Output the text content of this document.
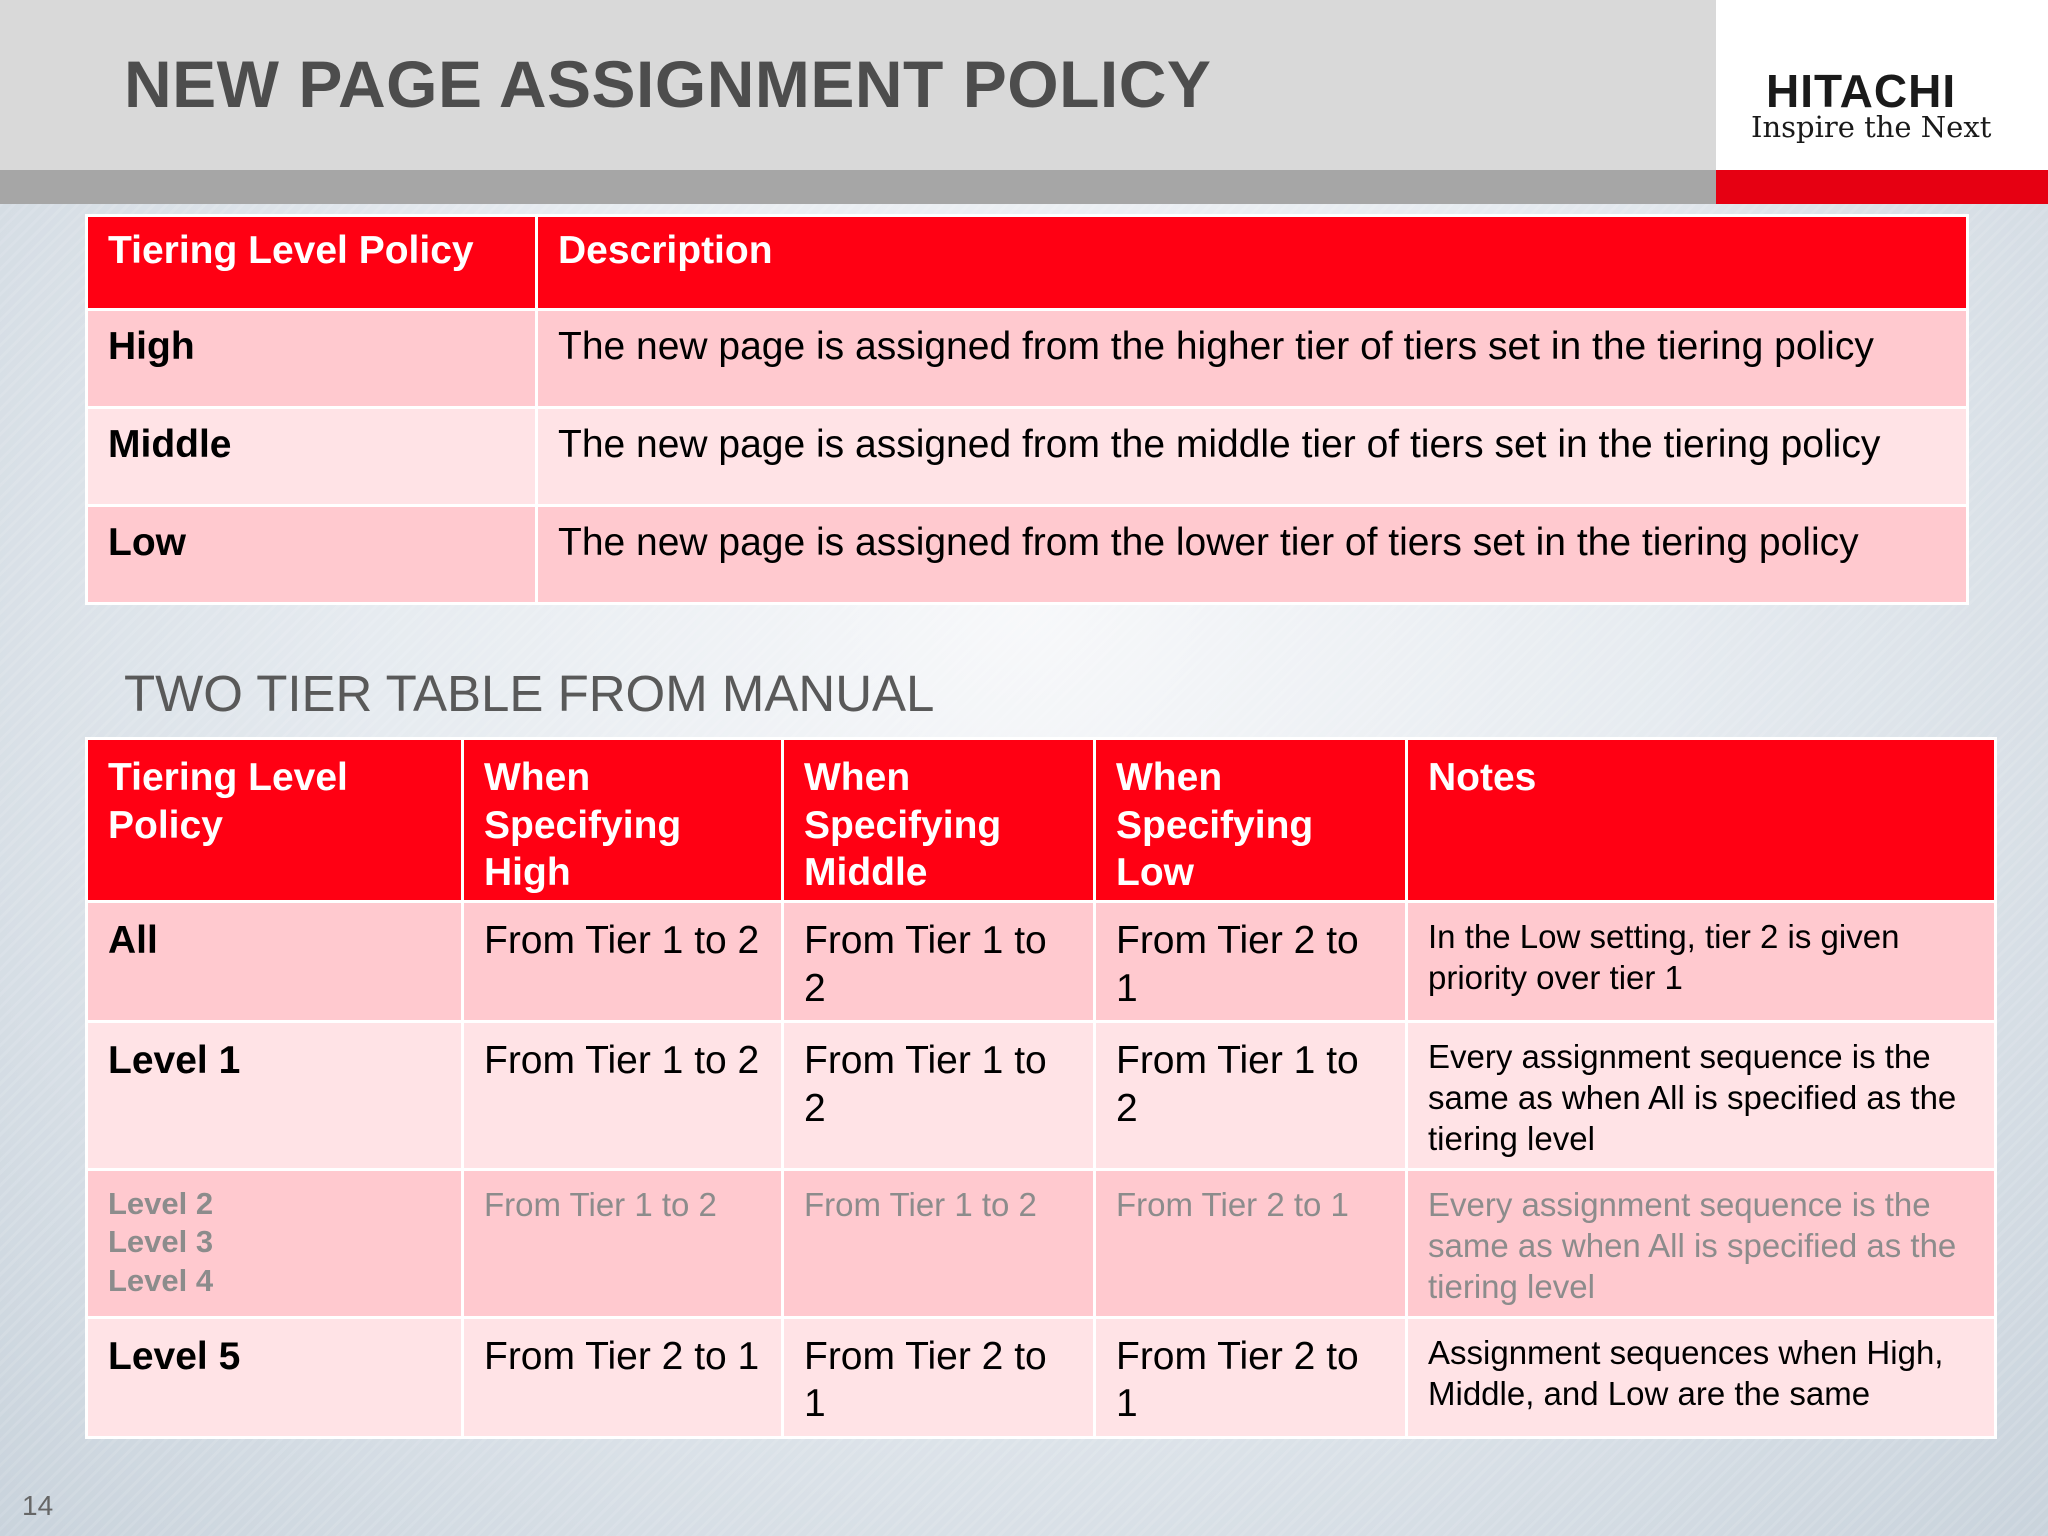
NEW PAGE ASSIGNMENT POLICY	HITACHI
Inspire the Next
Tiering Level Policy	Description
High	The new page is assigned from the higher tier of tiers set in the tiering policy
Middle	The new page is assigned from the middle tier of tiers set in the tiering policy
Low	The new page is assigned from the lower tier of tiers set in the tiering policy
TWO TIER TABLE FROM MANUAL
Tiering Level Policy	When Specifying High	When Specifying Middle	When Specifying Low	Notes
All	From Tier 1 to 2	From Tier 1 to 2	From Tier 2 to 1	In the Low setting, tier 2 is given priority over tier 1
Level 1	From Tier 1 to 2	From Tier 1 to 2	From Tier 1 to 2	Every assignment sequence is the same as when All is specified as the tiering level

Level 2
Level 3
Level 4	From Tier 1 to 2	From Tier 1 to 2	From Tier 2 to 1	Every assignment sequence is the same as when All is specified as the tiering level
Level 5	From Tier 2 to 1	From Tier 2 to 1	From Tier 2 to 1	Assignment sequences when High, Middle, and Low are the same
14
